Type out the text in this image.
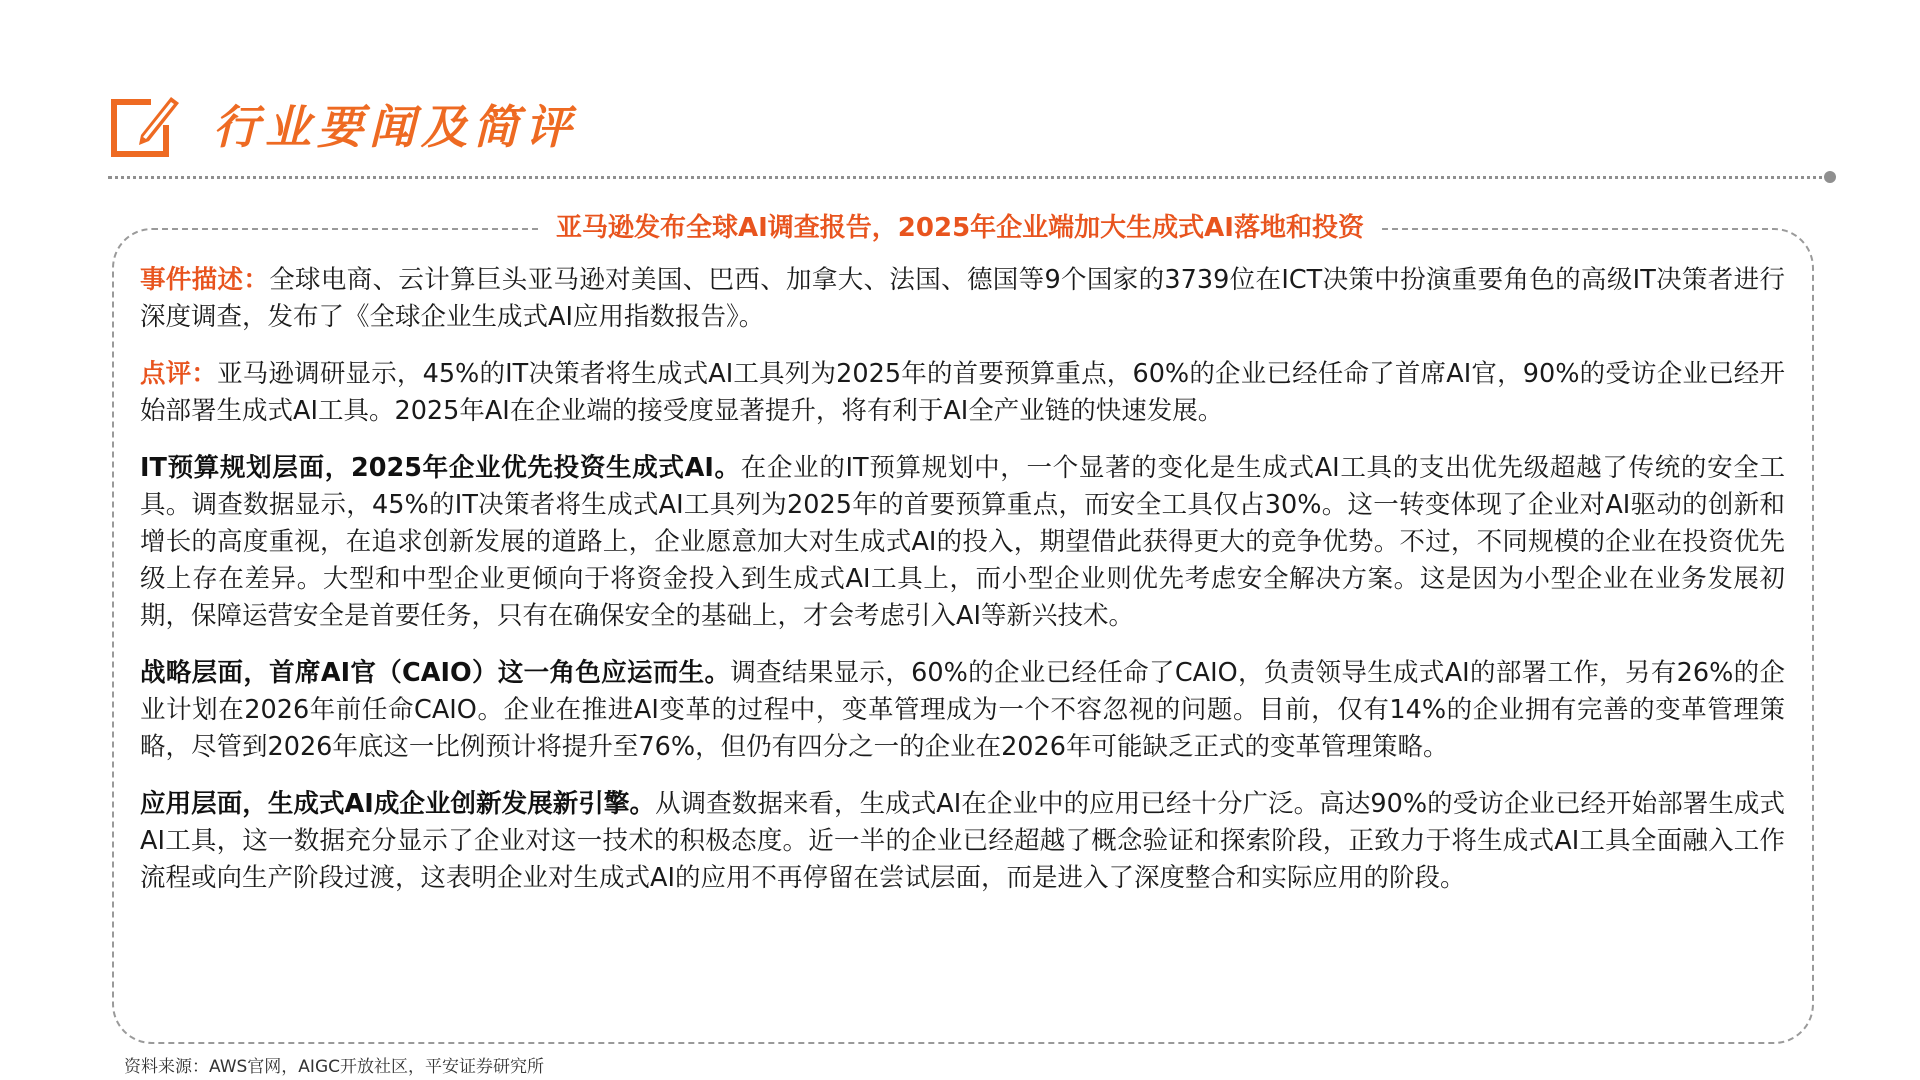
行业要闻及简评
亚马逊发布全球AI调查报告，2025年企业端加大生成式AI落地和投资

事件描述：全球电商、云计算巨头亚马逊对美国、巴西、加拿大、法国、德国等9个国家的3739位在ICT决策中扮演重要角色的高级IT决策者进行深度调查，发布了《全球企业生成式AI应用指数报告》。

点评：亚马逊调研显示，45%的IT决策者将生成式AI工具列为2025年的首要预算重点，60%的企业已经任命了首席AI官，90%的受访企业已经开始部署生成式AI工具。2025年AI在企业端的接受度显著提升，将有利于AI全产业链的快速发展。

IT预算规划层面，2025年企业优先投资生成式AI。在企业的IT预算规划中，一个显著的变化是生成式AI工具的支出优先级超越了传统的安全工具。调查数据显示，45%的IT决策者将生成式AI工具列为2025年的首要预算重点，而安全工具仅占30%。这一转变体现了企业对AI驱动的创新和增长的高度重视，在追求创新发展的道路上，企业愿意加大对生成式AI的投入，期望借此获得更大的竞争优势。不过，不同规模的企业在投资优先级上存在差异。大型和中型企业更倾向于将资金投入到生成式AI工具上，而小型企业则优先考虑安全解决方案。这是因为小型企业在业务发展初期，保障运营安全是首要任务，只有在确保安全的基础上，才会考虑引入AI等新兴技术。

战略层面，首席AI官（CAIO）这一角色应运而生。调查结果显示，60%的企业已经任命了CAIO，负责领导生成式AI的部署工作，另有26%的企业计划在2026年前任命CAIO。企业在推进AI变革的过程中，变革管理成为一个不容忽视的问题。目前，仅有14%的企业拥有完善的变革管理策略，尽管到2026年底这一比例预计将提升至76%，但仍有四分之一的企业在2026年可能缺乏正式的变革管理策略。

应用层面，生成式AI成企业创新发展新引擎。从调查数据来看，生成式AI在企业中的应用已经十分广泛。高达90%的受访企业已经开始部署生成式AI工具，这一数据充分显示了企业对这一技术的积极态度。近一半的企业已经超越了概念验证和探索阶段，正致力于将生成式AI工具全面融入工作流程或向生产阶段过渡，这表明企业对生成式AI的应用不再停留在尝试层面，而是进入了深度整合和实际应用的阶段。

资料来源：AWS官网，AIGC开放社区，平安证券研究所
